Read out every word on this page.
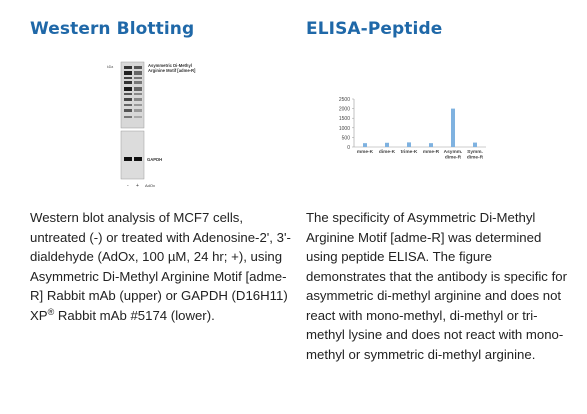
Western Blotting
kDa	Asymmetric Di-Methyl
Arginine Motif [adme-R]
GAPDH
- + AdOx

Western blot analysis of MCF7 cells, untreated (-) or treated with Adenosine-2', 3'-dialdehyde (AdOx, 100 µM, 24 hr; +), using Asymmetric Di-Methyl Arginine Motif [adme-R] Rabbit mAb (upper) or GAPDH (D16H11) XP® Rabbit mAb #5174 (lower).

ELISA-Peptide
0
500
1000
1500
2000
2500
mme-K dime-K trime-K mme-R Asymm.
dime-R
Symm.
dime-R

The specificity of Asymmetric Di-Methyl Arginine Motif [adme-R] was determined using peptide ELISA. The figure demonstrates that the antibody is specific for asymmetric di-methyl arginine and does not react with mono-methyl, di-methyl or tri-methyl lysine and does not react with mono-methyl or symmetric di-methyl arginine.
